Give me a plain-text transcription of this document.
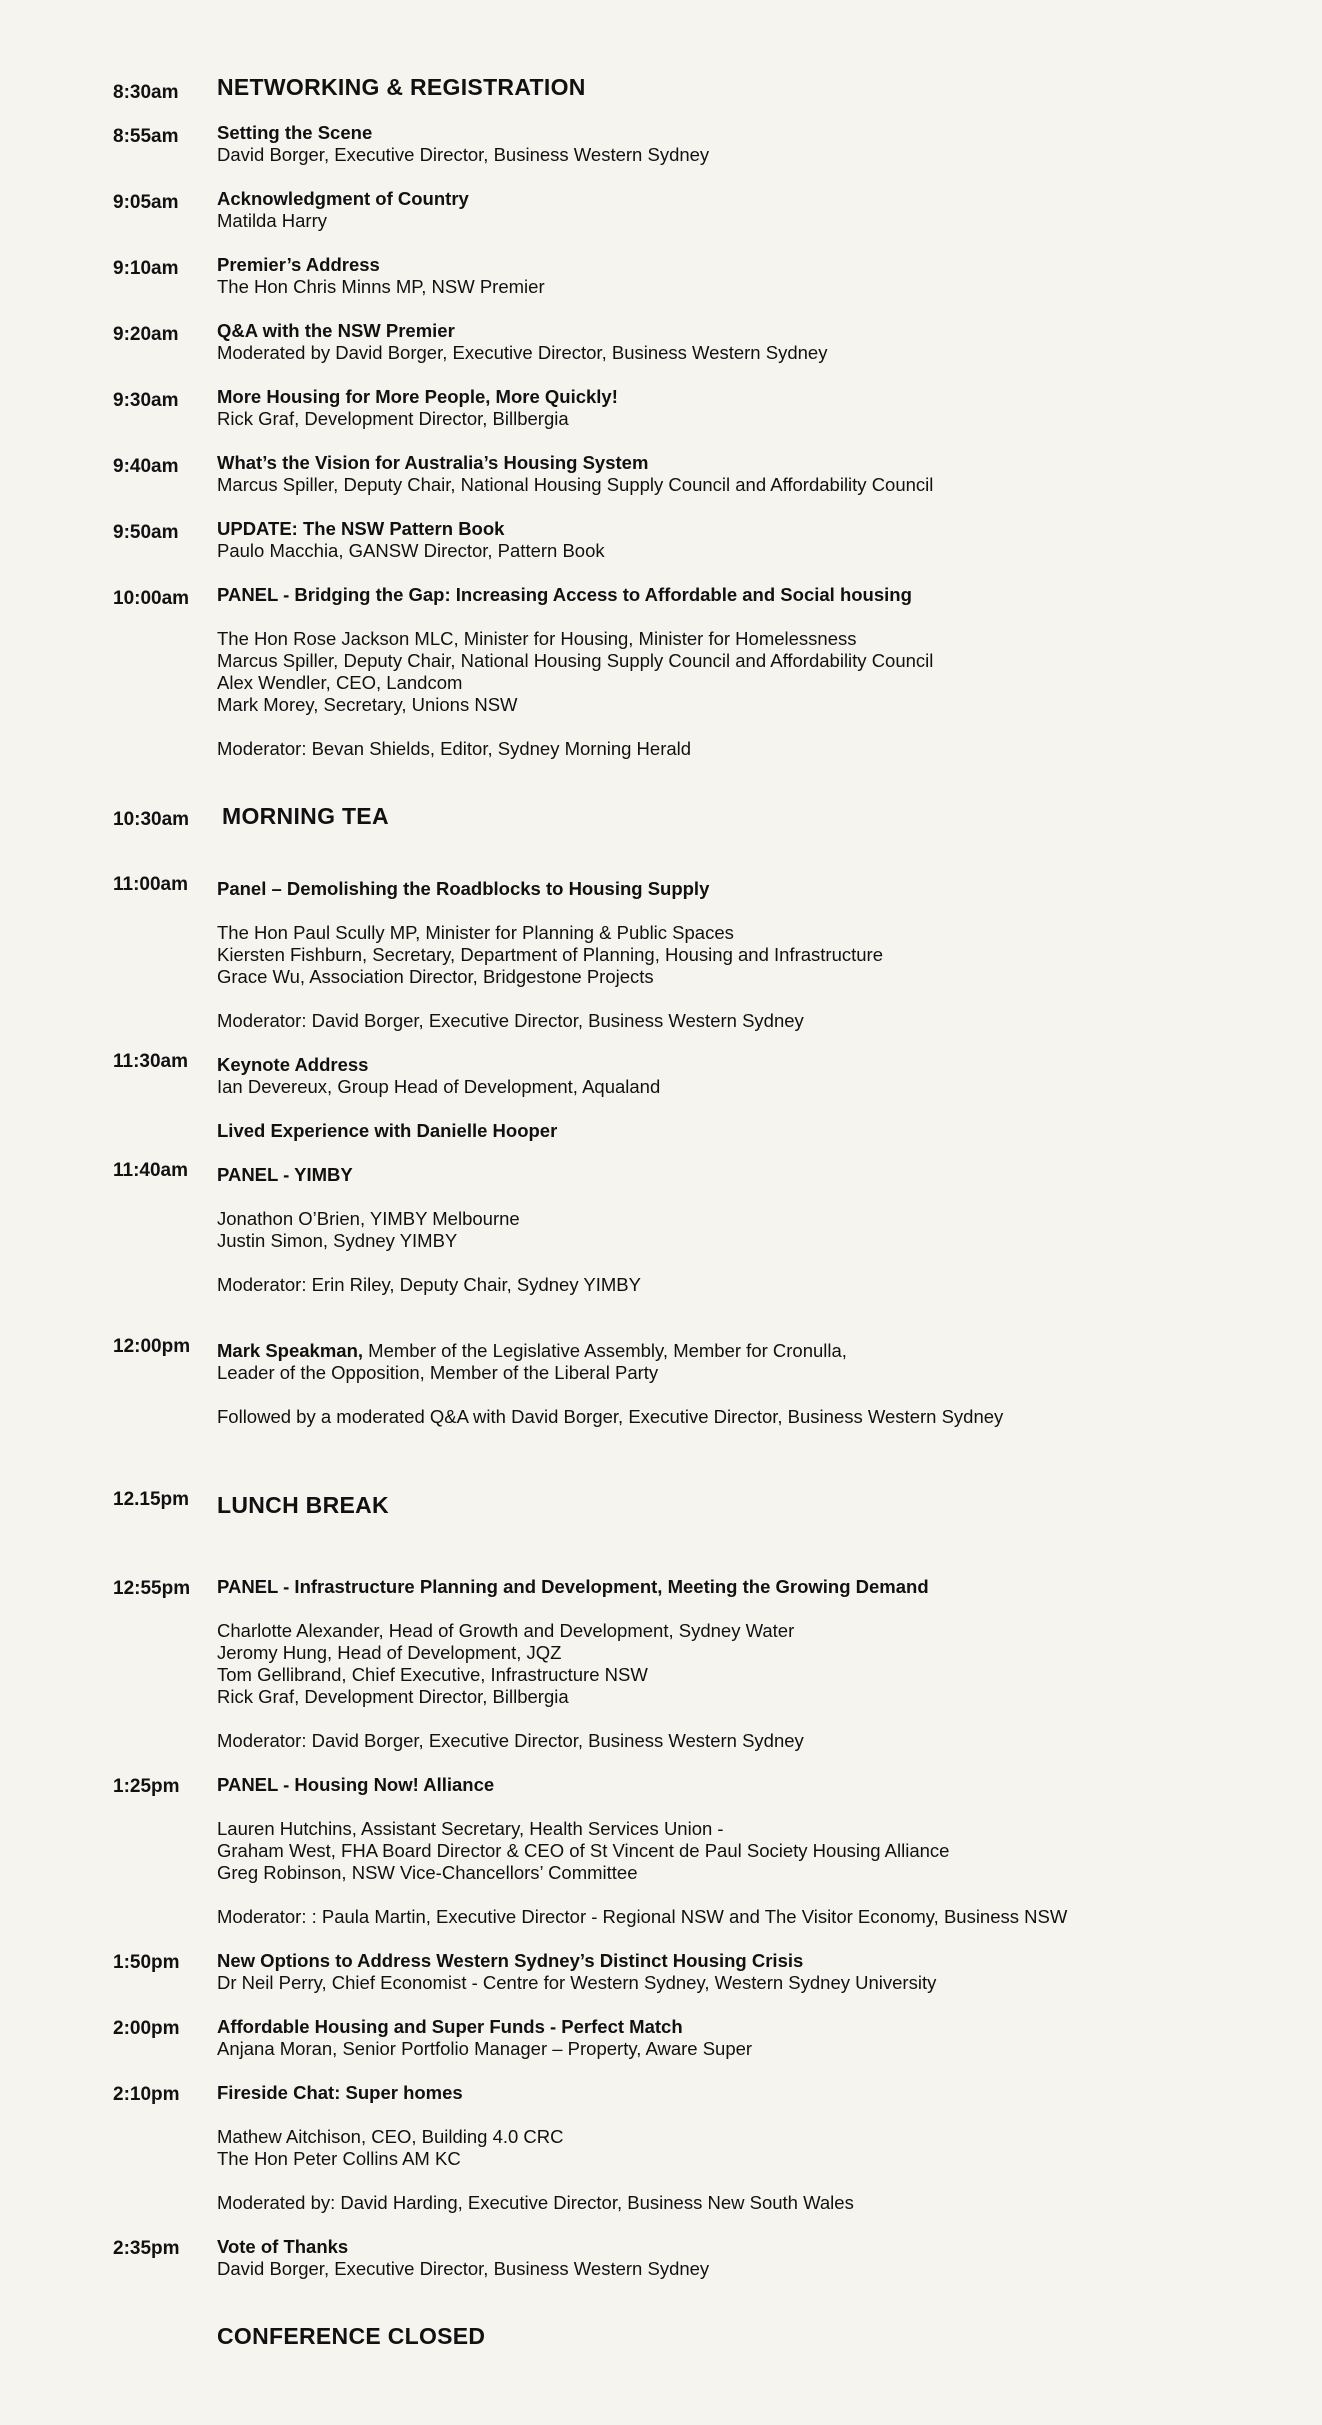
8:30am NETWORKING & REGISTRATION
8:55am Setting the Scene
David Borger, Executive Director, Business Western Sydney
9:05am Acknowledgment of Country
Matilda Harry
9:10am Premier’s Address
The Hon Chris Minns MP, NSW Premier
9:20am Q&A with the NSW Premier
Moderated by David Borger, Executive Director, Business Western Sydney
9:30am More Housing for More People, More Quickly!
Rick Graf, Development Director, Billbergia
9:40am What’s the Vision for Australia’s Housing System
Marcus Spiller, Deputy Chair, National Housing Supply Council and Affordability Council
9:50am UPDATE: The NSW Pattern Book
Paulo Macchia, GANSW Director, Pattern Book
10:00am PANEL - Bridging the Gap: Increasing Access to Affordable and Social housing
The Hon Rose Jackson MLC, Minister for Housing, Minister for Homelessness
Marcus Spiller, Deputy Chair, National Housing Supply Council and Affordability Council
Alex Wendler, CEO, Landcom
Mark Morey, Secretary, Unions NSW
Moderator: Bevan Shields, Editor, Sydney Morning Herald
10:30am MORNING TEA
11:00am Panel – Demolishing the Roadblocks to Housing Supply
The Hon Paul Scully MP, Minister for Planning & Public Spaces
Kiersten Fishburn, Secretary, Department of Planning, Housing and Infrastructure
Grace Wu, Association Director, Bridgestone Projects
Moderator: David Borger, Executive Director, Business Western Sydney
11:30am Keynote Address
Ian Devereux, Group Head of Development, Aqualand
Lived Experience with Danielle Hooper
11:40am PANEL - YIMBY
Jonathon O’Brien, YIMBY Melbourne
Justin Simon, Sydney YIMBY
Moderator: Erin Riley, Deputy Chair, Sydney YIMBY
12:00pm Mark Speakman, Member of the Legislative Assembly, Member for Cronulla,
Leader of the Opposition, Member of the Liberal Party
Followed by a moderated Q&A with David Borger, Executive Director, Business Western Sydney
12.15pm LUNCH BREAK
12:55pm PANEL - Infrastructure Planning and Development, Meeting the Growing Demand
Charlotte Alexander, Head of Growth and Development, Sydney Water
Jeromy Hung, Head of Development, JQZ
Tom Gellibrand, Chief Executive, Infrastructure NSW
Rick Graf, Development Director, Billbergia
Moderator: David Borger, Executive Director, Business Western Sydney
1:25pm PANEL - Housing Now! Alliance
Lauren Hutchins, Assistant Secretary, Health Services Union -
Graham West, FHA Board Director & CEO of St Vincent de Paul Society Housing Alliance
Greg Robinson, NSW Vice-Chancellors’ Committee
Moderator: : Paula Martin, Executive Director - Regional NSW and The Visitor Economy, Business NSW
1:50pm New Options to Address Western Sydney’s Distinct Housing Crisis
Dr Neil Perry, Chief Economist - Centre for Western Sydney, Western Sydney University
2:00pm Affordable Housing and Super Funds - Perfect Match
Anjana Moran, Senior Portfolio Manager – Property, Aware Super
2:10pm Fireside Chat: Super homes
Mathew Aitchison, CEO, Building 4.0 CRC
The Hon Peter Collins AM KC
Moderated by: David Harding, Executive Director, Business New South Wales
2:35pm Vote of Thanks
David Borger, Executive Director, Business Western Sydney
CONFERENCE CLOSED
